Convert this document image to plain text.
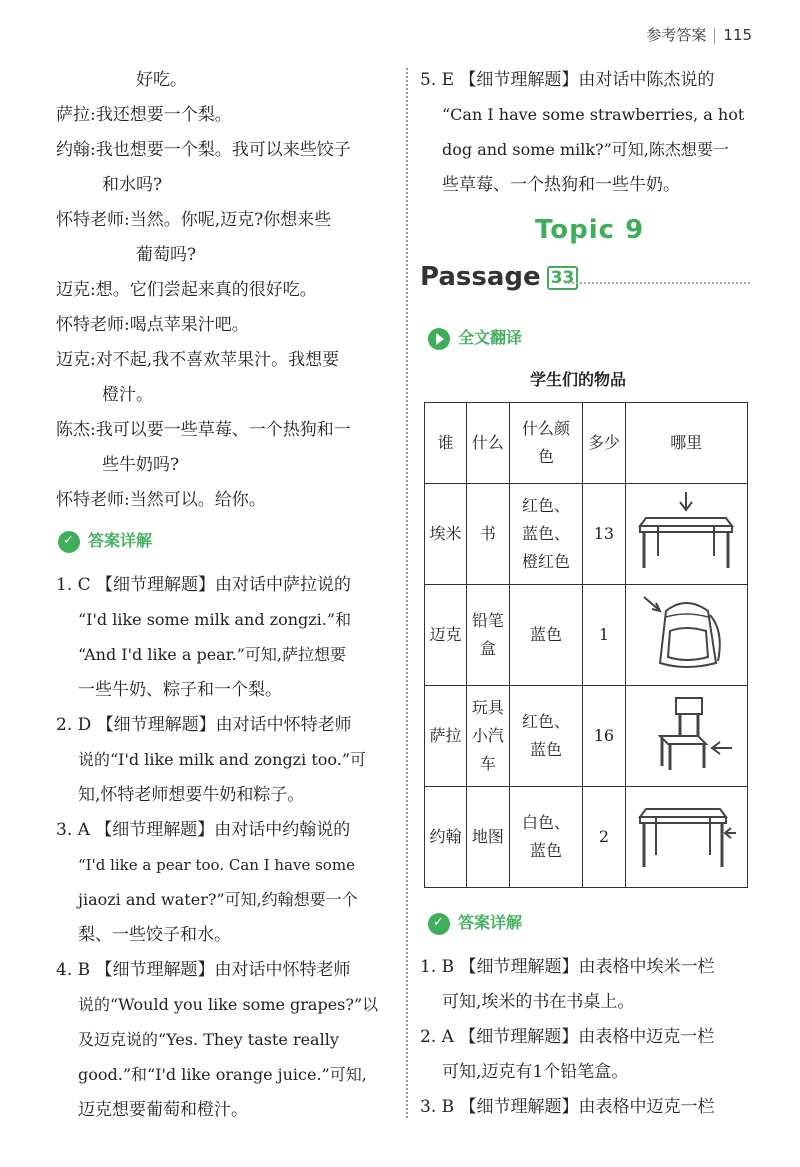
参考答案 115
好吃。
萨拉:我还想要一个梨。
约翰:我也想要一个梨。我可以来些饺子
和水吗?
怀特老师:当然。你呢,迈克?你想来些
葡萄吗?
迈克:想。它们尝起来真的很好吃。
怀特老师:喝点苹果汁吧。
迈克:对不起,我不喜欢苹果汁。我想要
橙汁。
陈杰:我可以要一些草莓、一个热狗和一
些牛奶吗?
怀特老师:当然可以。给你。
✓答案详解
1. C 【细节理解题】由对话中萨拉说的
“I'd like some milk and zongzi.”和
“And I'd like a pear.”可知,萨拉想要
一些牛奶、粽子和一个梨。
2. D 【细节理解题】由对话中怀特老师
说的“I'd like milk and zongzi too.”可
知,怀特老师想要牛奶和粽子。
3. A 【细节理解题】由对话中约翰说的
“I'd like a pear too. Can I have some
jiaozi and water?”可知,约翰想要一个
梨、一些饺子和水。
4. B 【细节理解题】由对话中怀特老师
说的“Would you like some grapes?”以
及迈克说的“Yes. They taste really
good.”和“I'd like orange juice.”可知,
迈克想要葡萄和橙汁。
5. E 【细节理解题】由对话中陈杰说的
“Can I have some strawberries, a hot
dog and some milk?”可知,陈杰想要一
些草莓、一个热狗和一些牛奶。
Topic 9
Passage 33
全文翻译
学生们的物品
谁	什么	什么颜色	多少	哪里
埃米	书	红色、蓝色、橙红色	13	
迈克	铅笔盒	蓝色	1	
萨拉	玩具小汽车	红色、蓝色	16	
约翰	地图	白色、蓝色	2	
✓答案详解
1. B 【细节理解题】由表格中埃米一栏
可知,埃米的书在书桌上。
2. A 【细节理解题】由表格中迈克一栏
可知,迈克有1个铅笔盒。
3. B 【细节理解题】由表格中迈克一栏
